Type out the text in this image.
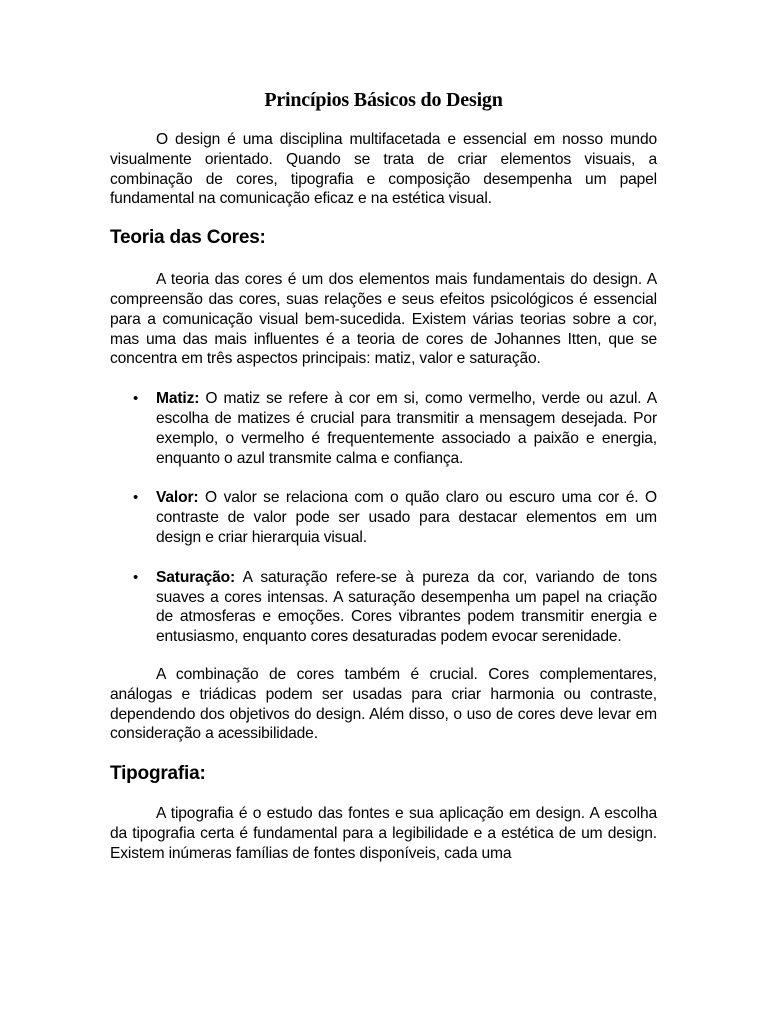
Princípios Básicos do Design

O design é uma disciplina multifacetada e essencial em nosso mundo visualmente orientado. Quando se trata de criar elementos visuais, a combinação de cores, tipografia e composição desempenha um papel fundamental na comunicação eficaz e na estética visual.

Teoria das Cores:

A teoria das cores é um dos elementos mais fundamentais do design. A compreensão das cores, suas relações e seus efeitos psicológicos é essencial para a comunicação visual bem-sucedida. Existem várias teorias sobre a cor, mas uma das mais influentes é a teoria de cores de Johannes Itten, que se concentra em três aspectos principais: matiz, valor e saturação.

• Matiz: O matiz se refere à cor em si, como vermelho, verde ou azul. A escolha de matizes é crucial para transmitir a mensagem desejada. Por exemplo, o vermelho é frequentemente associado a paixão e energia, enquanto o azul transmite calma e confiança.
• Valor: O valor se relaciona com o quão claro ou escuro uma cor é. O contraste de valor pode ser usado para destacar elementos em um design e criar hierarquia visual.
• Saturação: A saturação refere-se à pureza da cor, variando de tons suaves a cores intensas. A saturação desempenha um papel na criação de atmosferas e emoções. Cores vibrantes podem transmitir energia e entusiasmo, enquanto cores desaturadas podem evocar serenidade.

A combinação de cores também é crucial. Cores complementares, análogas e triádicas podem ser usadas para criar harmonia ou contraste, dependendo dos objetivos do design. Além disso, o uso de cores deve levar em consideração a acessibilidade.

Tipografia:

A tipografia é o estudo das fontes e sua aplicação em design. A escolha da tipografia certa é fundamental para a legibilidade e a estética de um design. Existem inúmeras famílias de fontes disponíveis, cada uma
